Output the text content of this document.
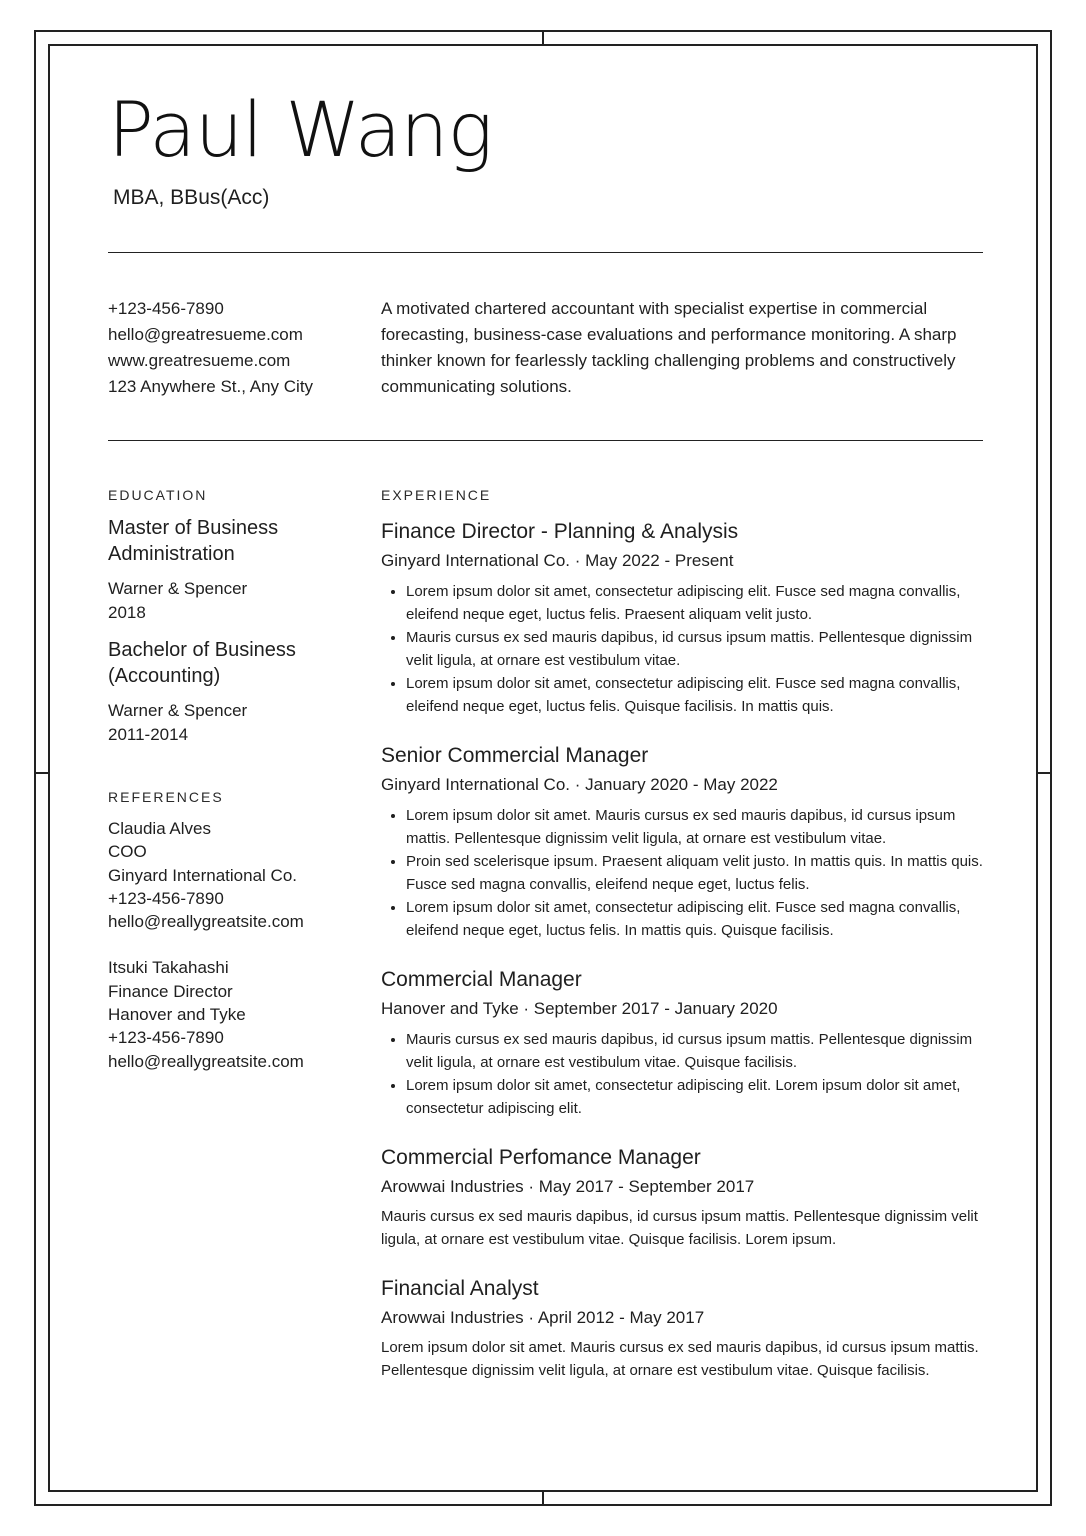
Paul Wang
MBA, BBus(Acc)
+123-456-7890
hello@greatresueme.com
www.greatresueme.com
123 Anywhere St., Any City
A motivated chartered accountant with specialist expertise in commercial forecasting, business-case evaluations and performance monitoring. A sharp thinker known for fearlessly tackling challenging problems and constructively communicating solutions.
EDUCATION
Master of Business Administration
Warner & Spencer
2018
Bachelor of Business (Accounting)
Warner & Spencer
2011-2014
REFERENCES
Claudia Alves
COO
Ginyard International Co.
+123-456-7890
hello@reallygreatsite.com
Itsuki Takahashi
Finance Director
Hanover and Tyke
+123-456-7890
hello@reallygreatsite.com
EXPERIENCE
Finance Director - Planning & Analysis
Ginyard International Co. · May 2022 - Present
• Lorem ipsum dolor sit amet, consectetur adipiscing elit. Fusce sed magna convallis, eleifend neque eget, luctus felis. Praesent aliquam velit justo.
• Mauris cursus ex sed mauris dapibus, id cursus ipsum mattis. Pellentesque dignissim velit ligula, at ornare est vestibulum vitae.
• Lorem ipsum dolor sit amet, consectetur adipiscing elit. Fusce sed magna convallis, eleifend neque eget, luctus felis. Quisque facilisis. In mattis quis.
Senior Commercial Manager
Ginyard International Co. · January 2020 - May 2022
• Lorem ipsum dolor sit amet. Mauris cursus ex sed mauris dapibus, id cursus ipsum mattis. Pellentesque dignissim velit ligula, at ornare est vestibulum vitae.
• Proin sed scelerisque ipsum. Praesent aliquam velit justo. In mattis quis. In mattis quis. Fusce sed magna convallis, eleifend neque eget, luctus felis.
• Lorem ipsum dolor sit amet, consectetur adipiscing elit. Fusce sed magna convallis, eleifend neque eget, luctus felis. In mattis quis. Quisque facilisis.
Commercial Manager
Hanover and Tyke · September 2017 - January 2020
• Mauris cursus ex sed mauris dapibus, id cursus ipsum mattis. Pellentesque dignissim velit ligula, at ornare est vestibulum vitae. Quisque facilisis.
• Lorem ipsum dolor sit amet, consectetur adipiscing elit. Lorem ipsum dolor sit amet, consectetur adipiscing elit.
Commercial Perfomance Manager
Arowwai Industries · May 2017 - September 2017

Mauris cursus ex sed mauris dapibus, id cursus ipsum mattis. Pellentesque dignissim velit ligula, at ornare est vestibulum vitae. Quisque facilisis. Lorem ipsum.

Financial Analyst
Arowwai Industries · April 2012 - May 2017

Lorem ipsum dolor sit amet. Mauris cursus ex sed mauris dapibus, id cursus ipsum mattis. Pellentesque dignissim velit ligula, at ornare est vestibulum vitae. Quisque facilisis.
